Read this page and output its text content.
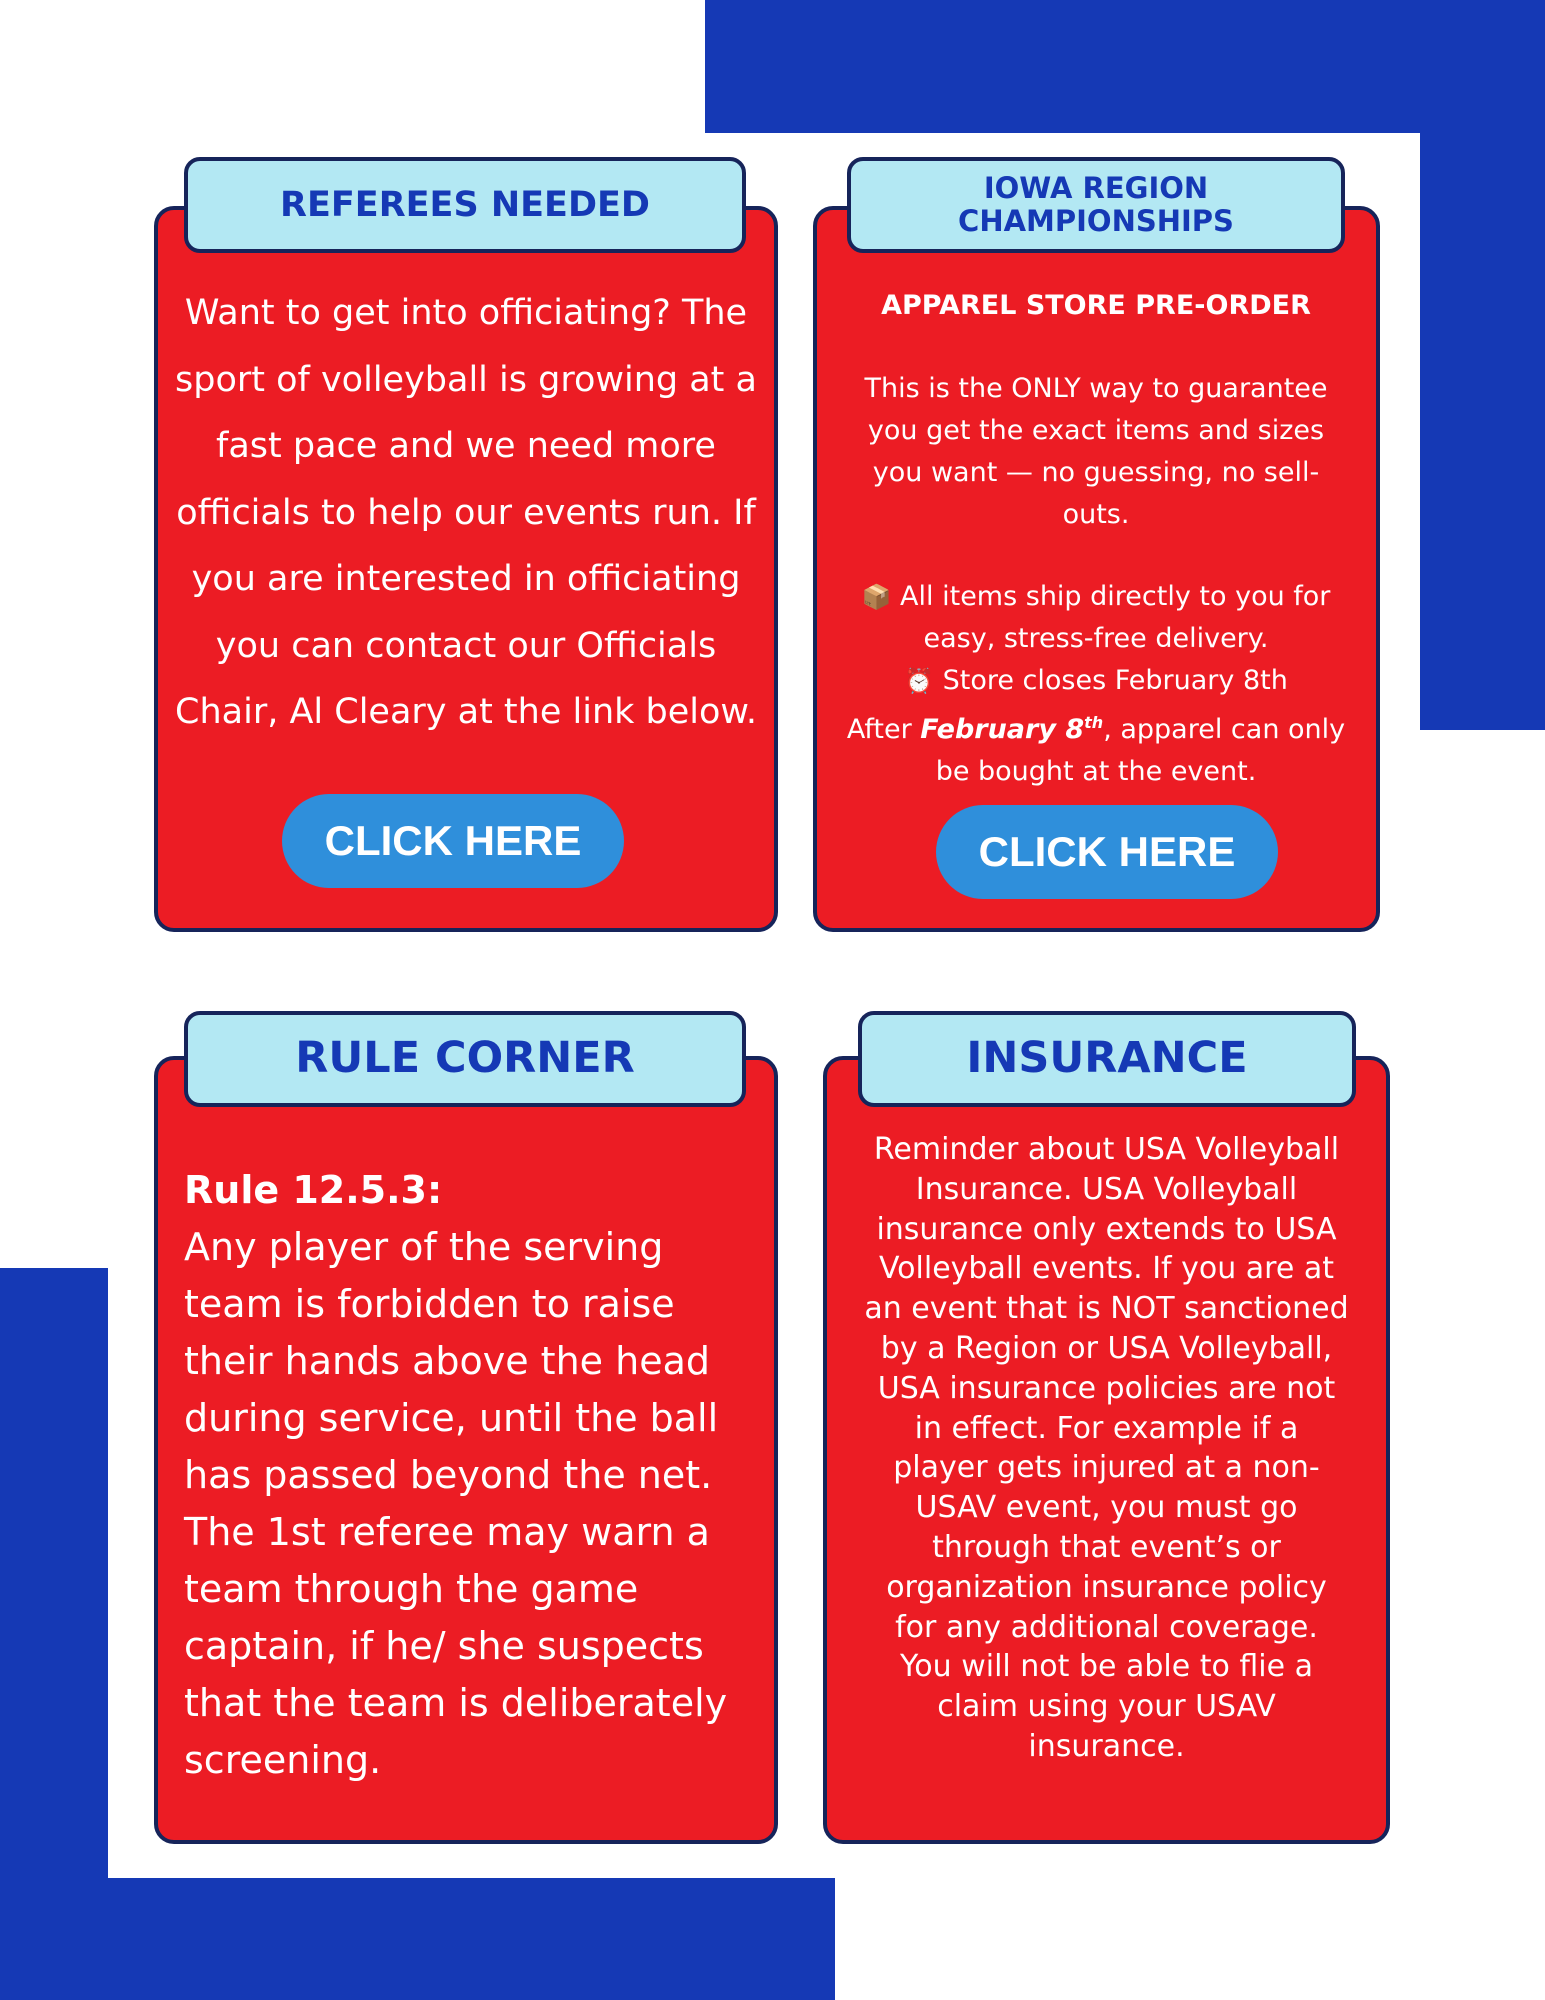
REFEREES NEEDED
Want to get into officiating? The
sport of volleyball is growing at a
fast pace and we need more
officials to help our events run. If
you are interested in officiating
you can contact our Officials
Chair, Al Cleary at the link below.
CLICK HERE
IOWA REGION
CHAMPIONSHIPS
APPAREL STORE PRE-ORDER
This is the ONLY way to guarantee
you get the exact items and sizes
you want — no guessing, no sell-
outs.
📦 All items ship directly to you for
easy, stress-free delivery.
⏰ Store closes February 8th
After February 8th, apparel can only
be bought at the event.
CLICK HERE
RULE CORNER
Rule 12.5.3:
Any player of the serving
team is forbidden to raise
their hands above the head
during service, until the ball
has passed beyond the net.
The 1st referee may warn a
team through the game
captain, if he/ she suspects
that the team is deliberately
screening.
INSURANCE
Reminder about USA Volleyball
Insurance. USA Volleyball
insurance only extends to USA
Volleyball events. If you are at
an event that is NOT sanctioned
by a Region or USA Volleyball,
USA insurance policies are not
in effect. For example if a
player gets injured at a non-
USAV event, you must go
through that event’s or
organization insurance policy
for any additional coverage.
You will not be able to flie a
claim using your USAV
insurance.
